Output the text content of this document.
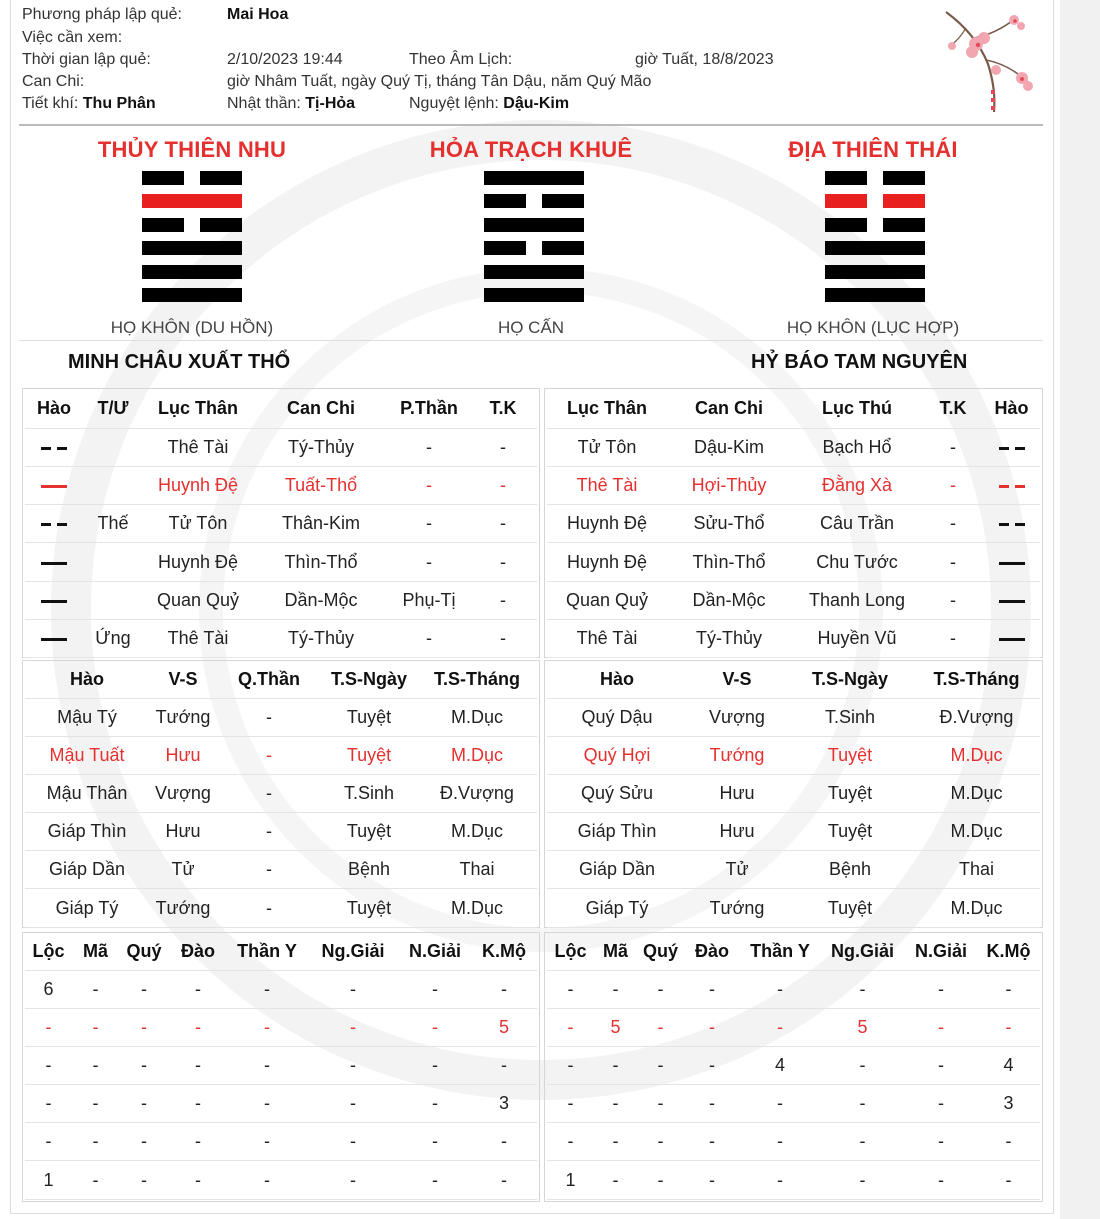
Phương pháp lập quẻ:	Mai Hoa
Việc cần xem:
Thời gian lập quẻ:	2/10/2023 19:44	Theo Âm Lịch:	giờ Tuất, 18/8/2023
Can Chi:	giờ Nhâm Tuất, ngày Quý Tị, tháng Tân Dậu, năm Quý Mão
Tiết khí: Thu Phân	Nhật thần: Tị-Hỏa	Nguyệt lệnh: Dậu-Kim
THỦY THIÊN NHU	HỎA TRẠCH KHUÊ	ĐỊA THIÊN THÁI
HỌ KHÔN (DU HỒN)	HỌ CẤN	HỌ KHÔN (LỤC HỢP)
MINH CHÂU XUẤT THỔ	HỶ BÁO TAM NGUYÊN
Hào	T/Ư	Lục Thân	Can Chi	P.Thần	T.K

		Thê Tài	Tý-Thủy	-	-

		Huynh Đệ	Tuất-Thổ	-	-

	Thế	Tử Tôn	Thân-Kim	-	-

		Huynh Đệ	Thìn-Thổ	-	-

		Quan Quỷ	Dần-Mộc	Phụ-Tị	-

	Ứng	Thê Tài	Tý-Thủy	-	-
Lục Thân	Can Chi	Lục Thú	T.K	Hào
Tử Tôn	Dậu-Kim	Bạch Hổ	-	

Thê Tài	Hợi-Thủy	Đằng Xà	-	

Huynh Đệ	Sửu-Thổ	Câu Trần	-	

Huynh Đệ	Thìn-Thổ	Chu Tước	-	

Quan Quỷ	Dần-Mộc	Thanh Long	-	

Thê Tài	Tý-Thủy	Huyền Vũ	-	
Hào	V-S	Q.Thần	T.S-Ngày	T.S-Tháng
Mậu Tý	Tướng	-	Tuyệt	M.Dục
Mậu Tuất	Hưu	-	Tuyệt	M.Dục
Mậu Thân	Vượng	-	T.Sinh	Đ.Vượng
Giáp Thìn	Hưu	-	Tuyệt	M.Dục
Giáp Dần	Tử	-	Bệnh	Thai
Giáp Tý	Tướng	-	Tuyệt	M.Dục
Hào	V-S	T.S-Ngày	T.S-Tháng
Quý Dậu	Vượng	T.Sinh	Đ.Vượng
Quý Hợi	Tướng	Tuyệt	M.Dục
Quý Sửu	Hưu	Tuyệt	M.Dục
Giáp Thìn	Hưu	Tuyệt	M.Dục
Giáp Dần	Tử	Bệnh	Thai
Giáp Tý	Tướng	Tuyệt	M.Dục
Lộc	Mã	Quý	Đào	Thần Y	Ng.Giải	N.Giải	K.Mộ
6	-	-	-	-	-	-	-
-	-	-	-	-	-	-	5
-	-	-	-	-	-	-	-
-	-	-	-	-	-	-	3
-	-	-	-	-	-	-	-
1	-	-	-	-	-	-	-
Lộc	Mã	Quý	Đào	Thần Y	Ng.Giải	N.Giải	K.Mộ
-	-	-	-	-	-	-	-
-	5	-	-	-	5	-	-
-	-	-	-	4	-	-	4
-	-	-	-	-	-	-	3
-	-	-	-	-	-	-	-
1	-	-	-	-	-	-	-
